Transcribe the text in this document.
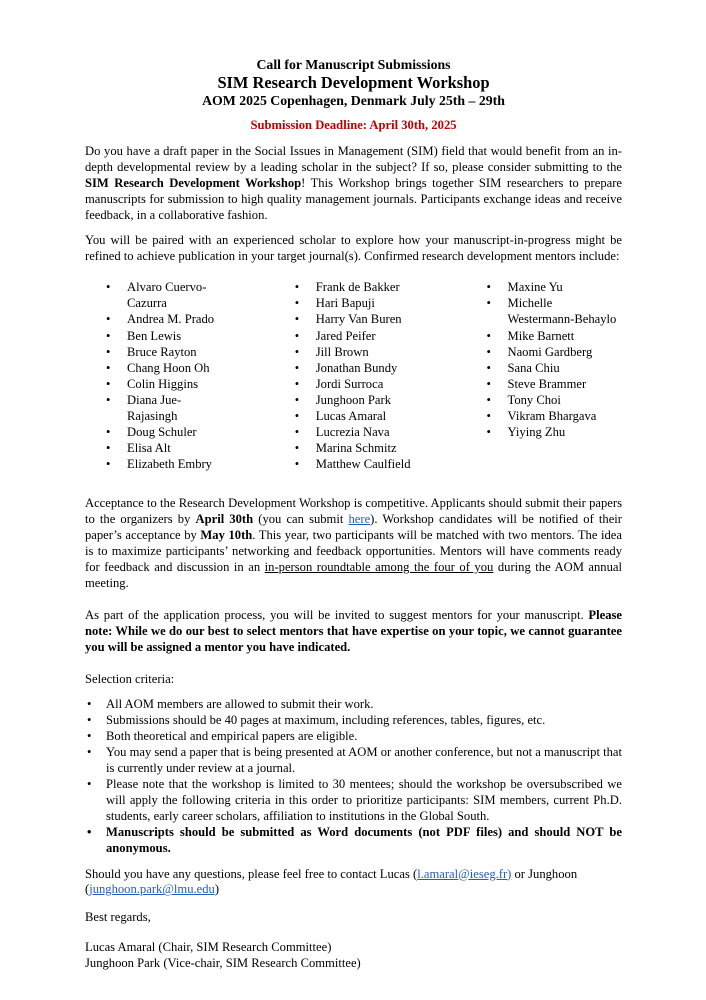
Call for Manuscript Submissions
SIM Research Development Workshop
AOM 2025 Copenhagen, Denmark July 25th – 29th
Submission Deadline: April 30th, 2025

Do you have a draft paper in the Social Issues in Management (SIM) field that would benefit from an in-depth developmental review by a leading scholar in the subject? If so, please consider submitting to the SIM Research Development Workshop! This Workshop brings together SIM researchers to prepare manuscripts for submission to high quality management journals. Participants exchange ideas and receive feedback, in a collaborative fashion.

You will be paired with an experienced scholar to explore how your manuscript-in-progress might be refined to achieve publication in your target journal(s). Confirmed research development mentors include:

• Alvaro Cuervo-Cazurra
• Andrea M. Prado
• Ben Lewis
• Bruce Rayton
• Chang Hoon Oh
• Colin Higgins
• Diana Jue-Rajasingh
• Doug Schuler
• Elisa Alt
• Elizabeth Embry
• Frank de Bakker
• Hari Bapuji
• Harry Van Buren
• Jared Peifer
• Jill Brown
• Jonathan Bundy
• Jordi Surroca
• Junghoon Park
• Lucas Amaral
• Lucrezia Nava
• Marina Schmitz
• Matthew Caulfield
• Maxine Yu
• Michelle Westermann-Behaylo
• Mike Barnett
• Naomi Gardberg
• Sana Chiu
• Steve Brammer
• Tony Choi
• Vikram Bhargava
• Yiying Zhu

Acceptance to the Research Development Workshop is competitive. Applicants should submit their papers to the organizers by April 30th (you can submit here). Workshop candidates will be notified of their paper’s acceptance by May 10th. This year, two participants will be matched with two mentors. The idea is to maximize participants’ networking and feedback opportunities. Mentors will have comments ready for feedback and discussion in an in-person roundtable among the four of you during the AOM annual meeting.

As part of the application process, you will be invited to suggest mentors for your manuscript. Please note: While we do our best to select mentors that have expertise on your topic, we cannot guarantee you will be assigned a mentor you have indicated.

Selection criteria:

• All AOM members are allowed to submit their work.
• Submissions should be 40 pages at maximum, including references, tables, figures, etc.
• Both theoretical and empirical papers are eligible.
• You may send a paper that is being presented at AOM or another conference, but not a manuscript that is currently under review at a journal.
• Please note that the workshop is limited to 30 mentees; should the workshop be oversubscribed we will apply the following criteria in this order to prioritize participants: SIM members, current Ph.D. students, early career scholars, affiliation to institutions in the Global South.
• Manuscripts should be submitted as Word documents (not PDF files) and should NOT be anonymous.

Should you have any questions, please feel free to contact Lucas (l.amaral@ieseg.fr) or Junghoon (junghoon.park@lmu.edu)

Best regards,

Lucas Amaral (Chair, SIM Research Committee)

Junghoon Park (Vice-chair, SIM Research Committee)
